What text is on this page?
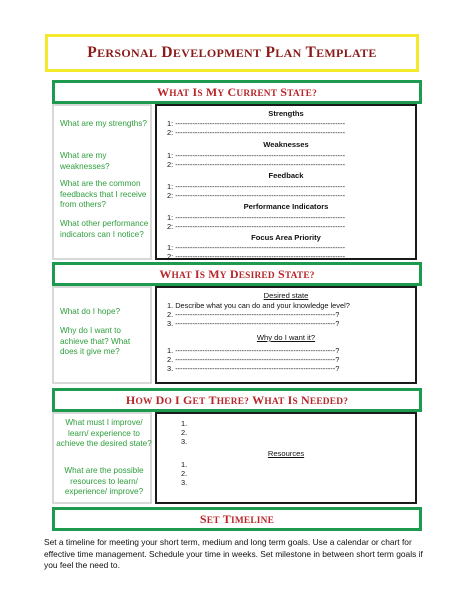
PERSONAL DEVELOPMENT PLAN TEMPLATE
WHAT IS MY CURRENT STATE?
What are my strengths?
What are my weaknesses?
What are the common feedbacks that I receive from others?
What other performance indicators can I notice?
Strengths
1: ---------------------------------------------------------------------
2: ---------------------------------------------------------------------
Weaknesses
1: ---------------------------------------------------------------------
2: ---------------------------------------------------------------------
Feedback
1: ---------------------------------------------------------------------
2: ---------------------------------------------------------------------
Performance Indicators
1: ---------------------------------------------------------------------
2: ---------------------------------------------------------------------
Focus Area Priority
1: ---------------------------------------------------------------------
2: ---------------------------------------------------------------------
WHAT IS MY DESIRED STATE?
What do I hope?
Why do I want to achieve that? What does it give me?
Desired state
1. Describe what you can do and your knowledge level?
2. -----------------------------------------------------------------?
3. -----------------------------------------------------------------?
Why do I want it?
1. -----------------------------------------------------------------?
2. -----------------------------------------------------------------?
3. -----------------------------------------------------------------?
HOW DO I GET THERE? WHAT IS NEEDED?
What must I improve/ learn/ experience to achieve the desired state?
What are the possible resources to learn/ experience/ improve?
1.
2.
3.
Resources
1.
2.
3.
SET TIMELINE
Set a timeline for meeting your short term, medium and long term goals. Use a calendar or chart for effective time management. Schedule your time in weeks. Set milestone in between short term goals if you feel the need to.
